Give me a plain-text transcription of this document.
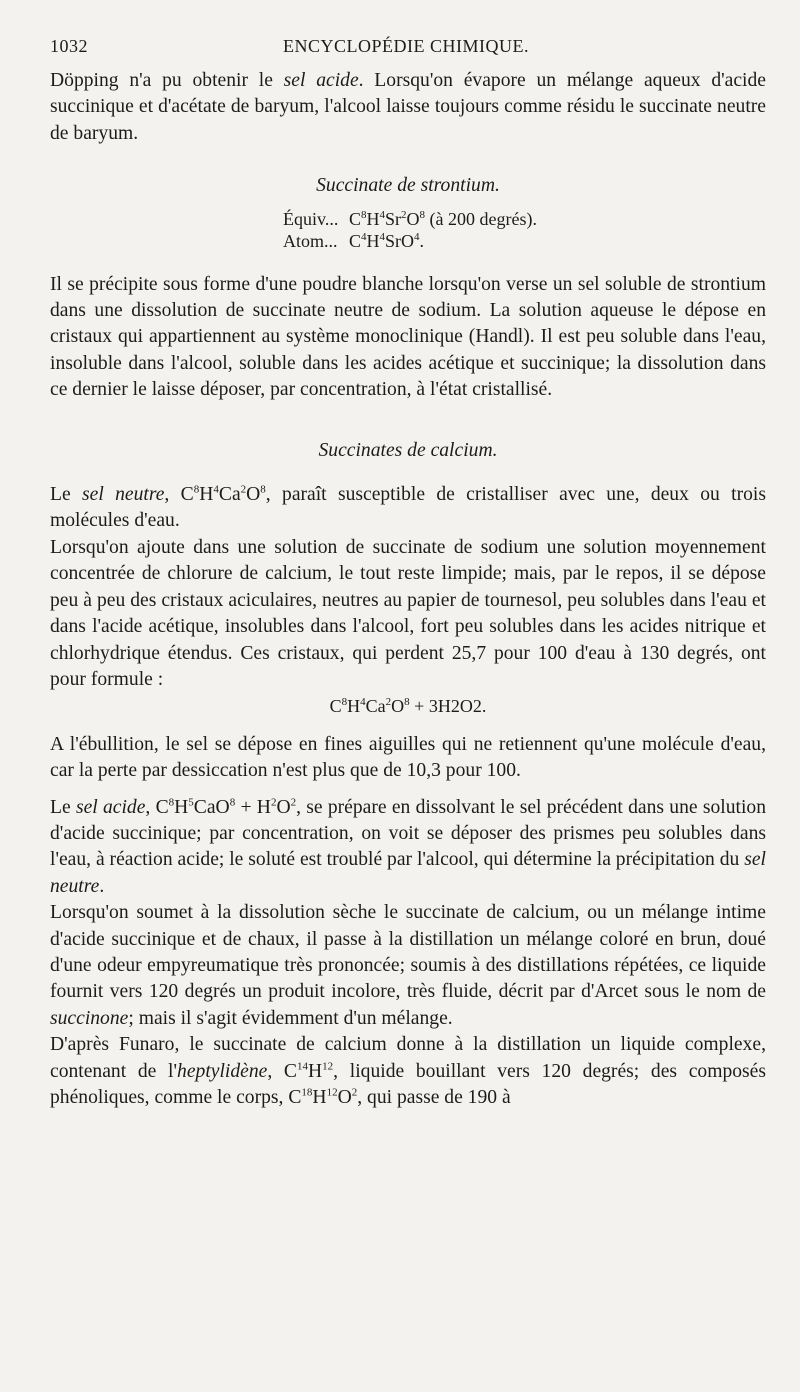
1032	ENCYCLOPÉDIE CHIMIQUE.

Döpping n'a pu obtenir le sel acide. Lorsqu'on évapore un mélange aqueux d'acide succinique et d'acétate de baryum, l'alcool laisse toujours comme résidu le succinate neutre de baryum.

Succinate de strontium.

Équiv... $C^8H^4Sr^2O^8$ (à 200 degrés).
Atom... $C^4H^4SrO^4$.

Il se précipite sous forme d'une poudre blanche lorsqu'on verse un sel soluble de strontium dans une dissolution de succinate neutre de sodium. La solution aqueuse le dépose en cristaux qui appartiennent au système monoclinique (Handl). Il est peu soluble dans l'eau, insoluble dans l'alcool, soluble dans les acides acétique et succinique; la dissolution dans ce dernier le laisse déposer, par concentration, à l'état cristallisé.

Succinates de calcium.

Le sel neutre, $C^8H^4Ca^2O^8$, paraît susceptible de cristalliser avec une, deux ou trois molécules d'eau.

Lorsqu'on ajoute dans une solution de succinate de sodium une solution moyennement concentrée de chlorure de calcium, le tout reste limpide; mais, par le repos, il se dépose peu à peu des cristaux aciculaires, neutres au papier de tournesol, peu solubles dans l'eau et dans l'acide acétique, insolubles dans l'alcool, fort peu solubles dans les acides nitrique et chlorhydrique étendus. Ces cristaux, qui perdent 25,7 pour 100 d'eau à 130 degrés, ont pour formule :

$C^8H^4Ca^2O^8 + 3H2O2$.

A l'ébullition, le sel se dépose en fines aiguilles qui ne retiennent qu'une molécule d'eau, car la perte par dessiccation n'est plus que de 10,3 pour 100.

Le sel acide, $C^8H^5CaO^8 + H^2O^2$, se prépare en dissolvant le sel précédent dans une solution d'acide succinique; par concentration, on voit se déposer des prismes peu solubles dans l'eau, à réaction acide; le soluté est troublé par l'alcool, qui détermine la précipitation du sel neutre.

Lorsqu'on soumet à la dissolution sèche le succinate de calcium, ou un mélange intime d'acide succinique et de chaux, il passe à la distillation un mélange coloré en brun, doué d'une odeur empyreumatique très prononcée; soumis à des distillations répétées, ce liquide fournit vers 120 degrés un produit incolore, très fluide, décrit par d'Arcet sous le nom de succinone; mais il s'agit évidemment d'un mélange.

D'après Funaro, le succinate de calcium donne à la distillation un liquide complexe, contenant de l'heptylidène, $C^{14}H^{12}$, liquide bouillant vers 120 degrés; des composés phénoliques, comme le corps, $C^{18}H^{12}O^2$, qui passe de 190 à
